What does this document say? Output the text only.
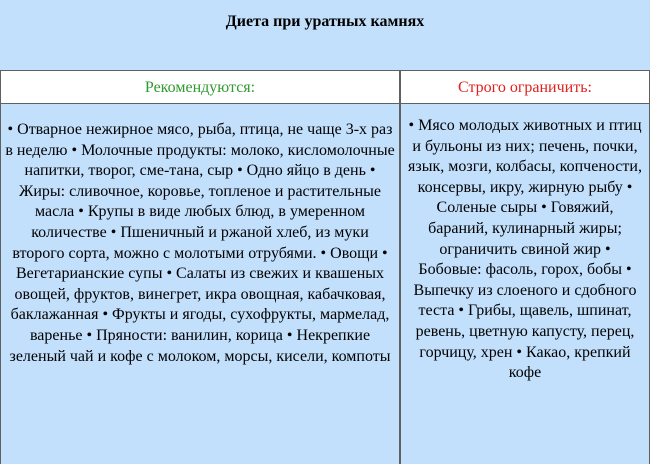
Диета при уратных камнях
Рекомендуются:	Строго ограничить:
• Отварное нежирное мясо, рыба, птица, не чаще 3-х раз в неделю • Молочные продукты: молоко, кисломолочные напитки, творог, сме-тана, сыр • Одно яйцо в день • Жиры: сливочное, коровье, топленое и растительные масла • Крупы в виде любых блюд, в умеренном количестве • Пшеничный и ржаной хлеб, из муки второго сорта, можно с молотыми отрубями. • Овощи • Вегетарианские супы • Салаты из свежих и квашеных овощей, фруктов, винегрет, икра овощная, кабачковая, баклажанная • Фрукты и ягоды, сухофрукты, мармелад, варенье • Пряности: ванилин, корица • Некрепкие зеленый чай и кофе с молоком, морсы, кисели, компоты
• Мясо молодых животных и птиц и бульоны из них; печень, почки, язык, мозги, колбасы, копчености, консервы, икру, жирную рыбу • Соленые сыры • Говяжий, бараний, кулинарный жиры; ограничить свиной жир • Бобовые: фасоль, горох, бобы • Выпечку из слоеного и сдобного теста • Грибы, щавель, шпинат, ревень, цветную капусту, перец, горчицу, хрен • Какао, крепкий кофе
